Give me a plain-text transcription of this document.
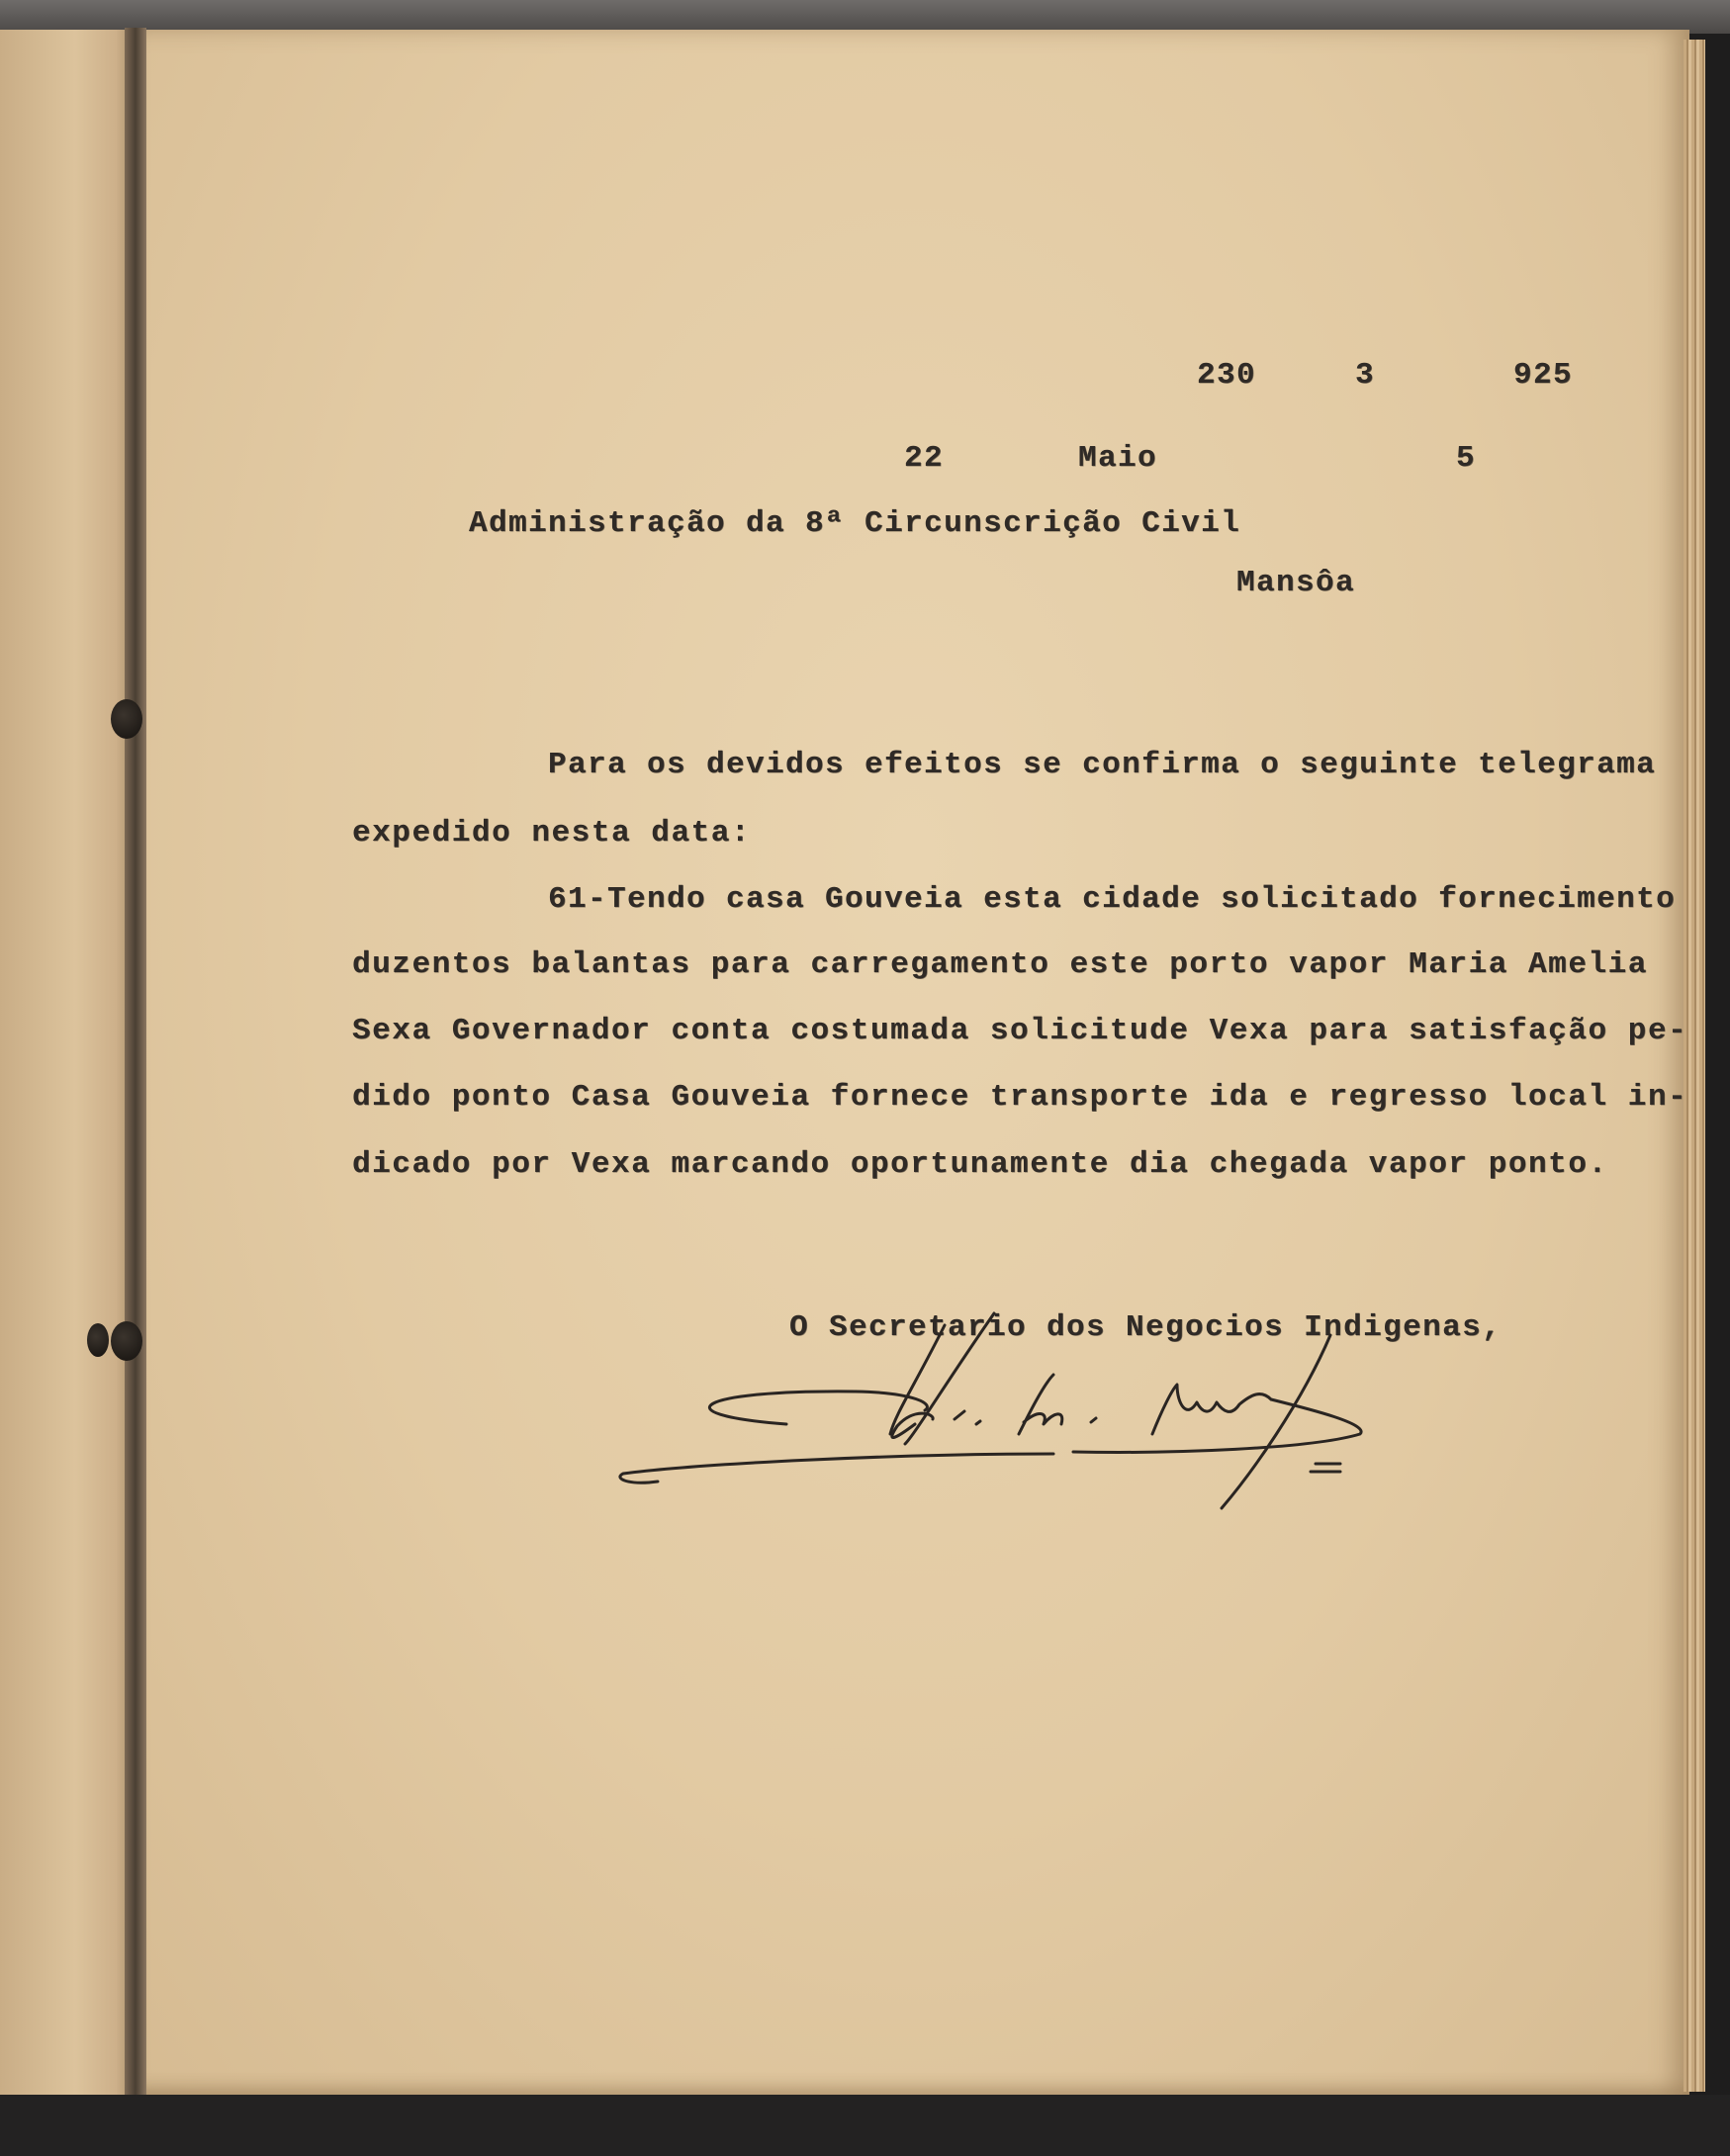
230	3	925

22	Maio	5

Administração da 8ª Circunscrição Civil

Mansôa

Para os devidos efeitos se confirma o seguinte telegrama

expedido nesta data:

61-Tendo casa Gouveia esta cidade solicitado fornecimento

duzentos balantas para carregamento este porto vapor Maria Amelia

Sexa Governador conta costumada solicitude Vexa para satisfação pe-

dido ponto Casa Gouveia fornece transporte ida e regresso local in-

dicado por Vexa marcando oportunamente dia chegada vapor ponto.

O Secretario dos Negocios Indigenas,
